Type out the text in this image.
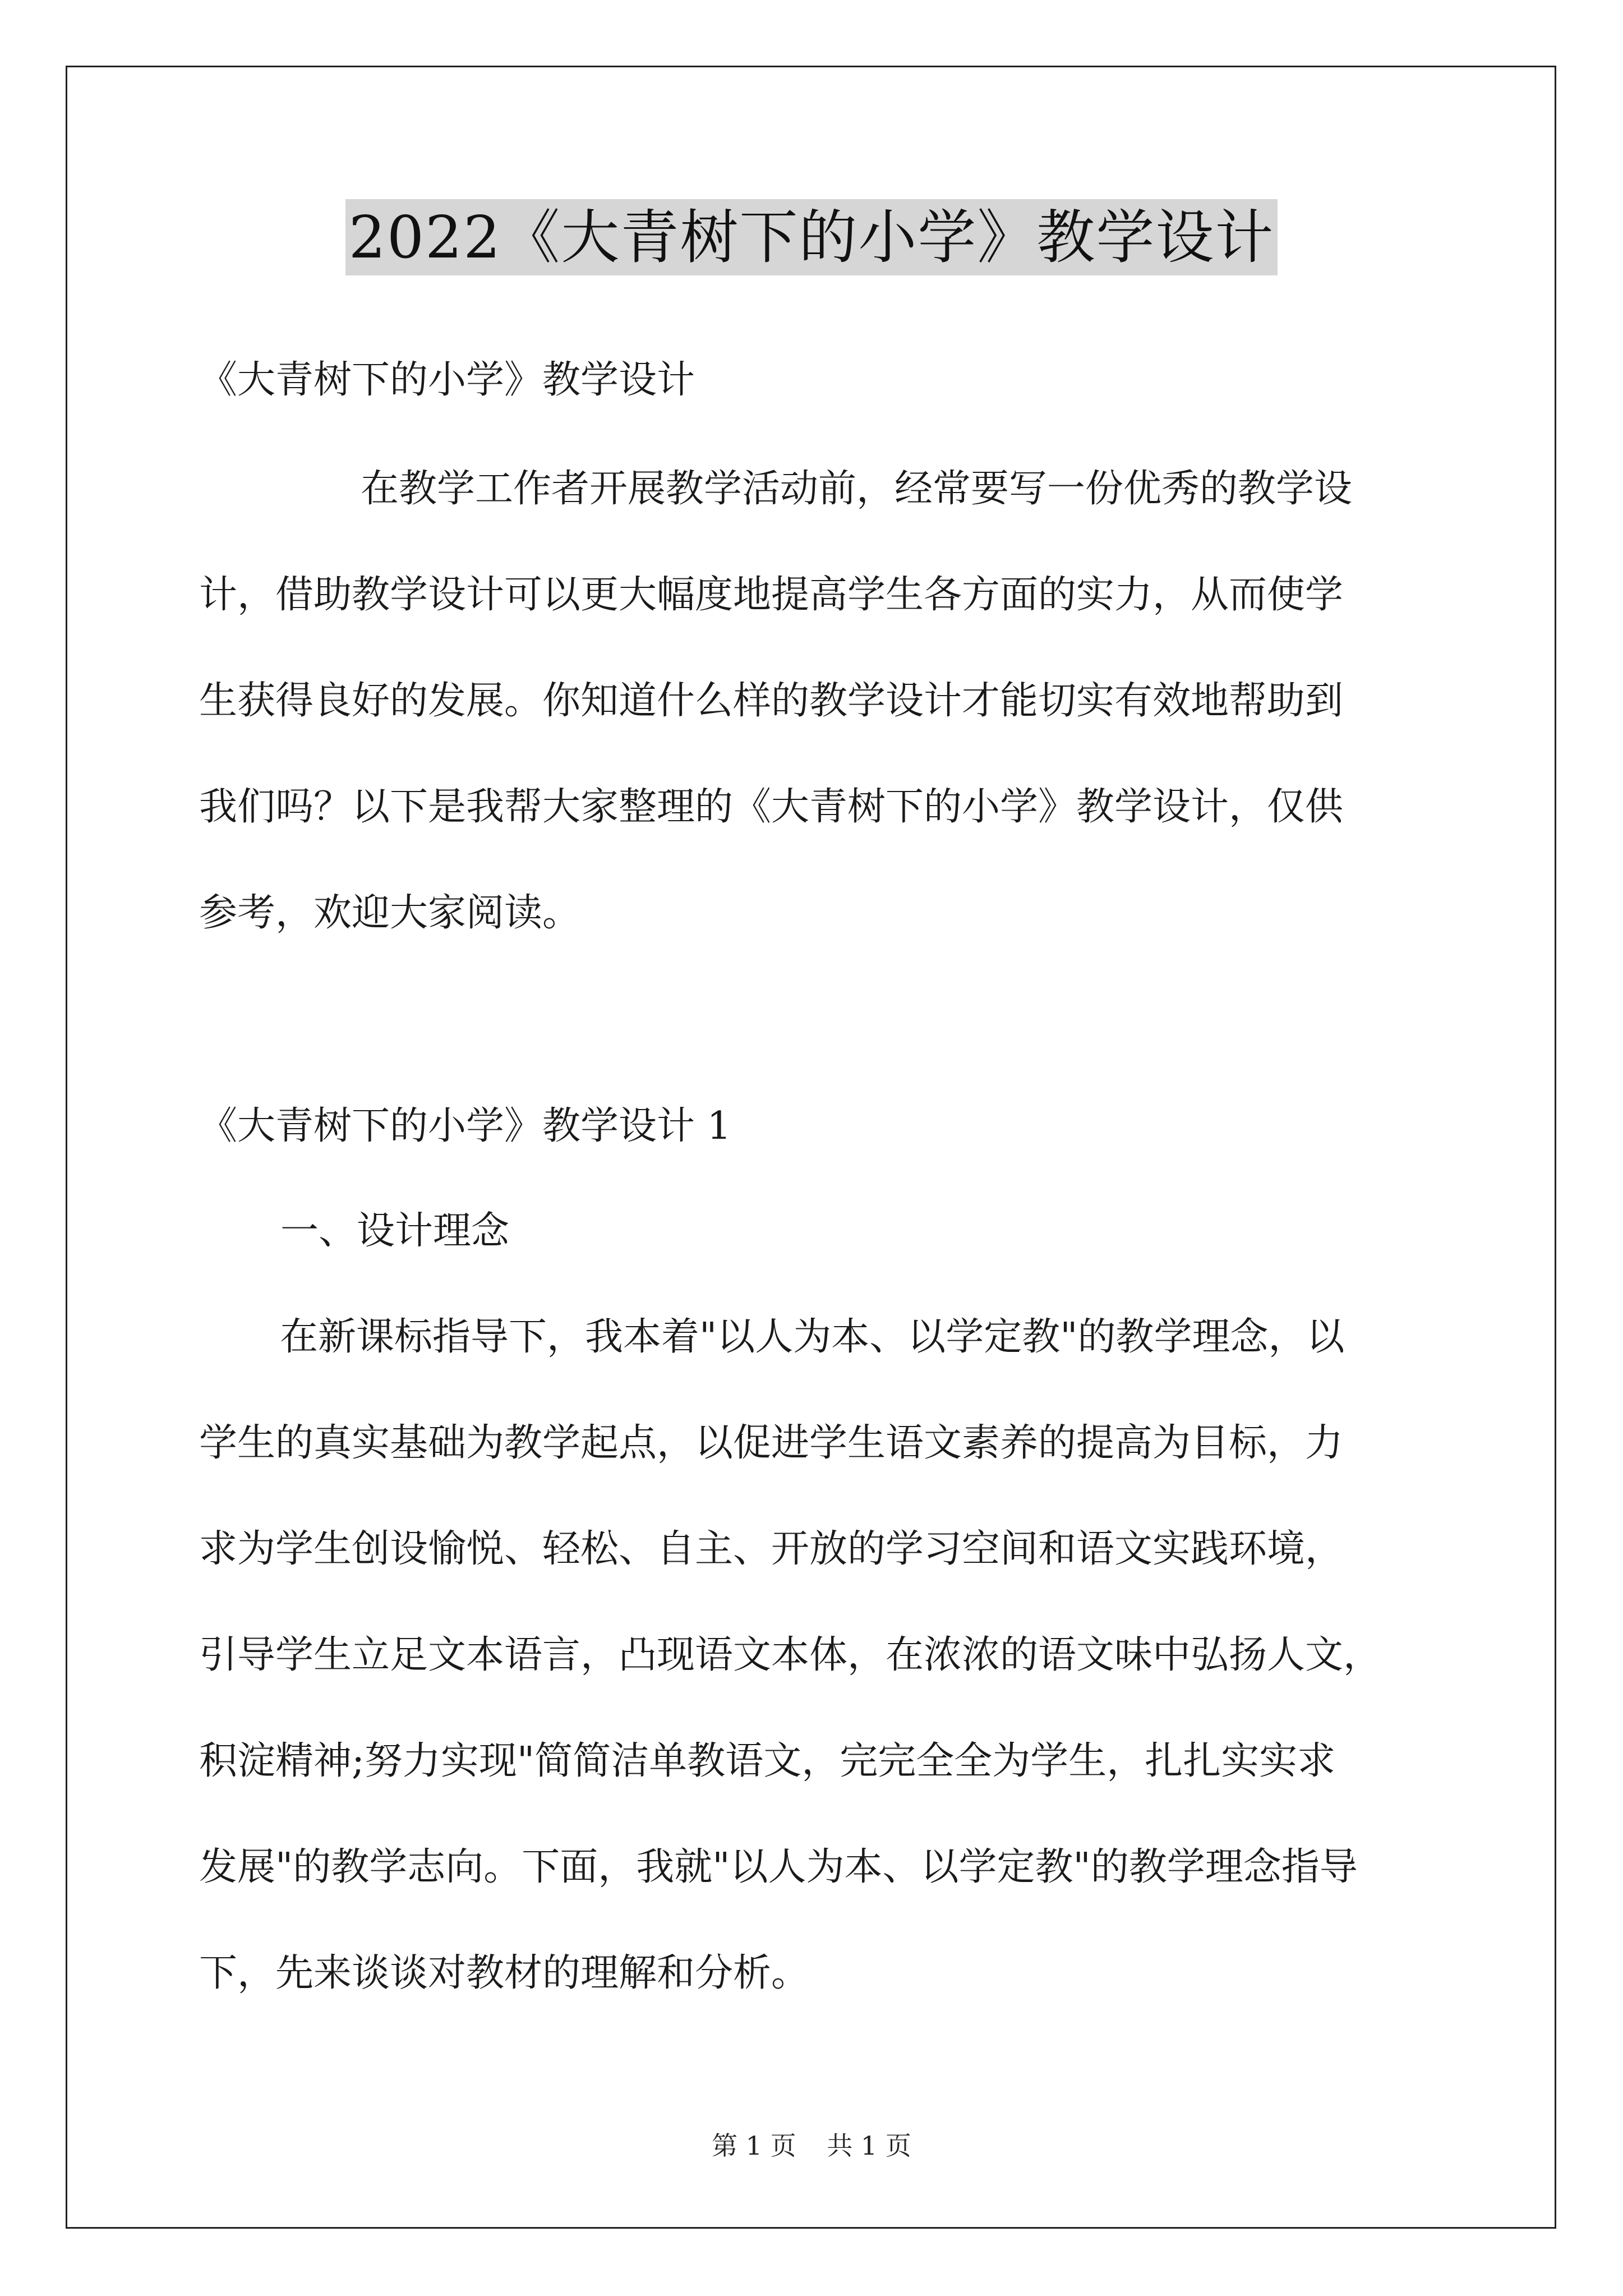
2022《大青树下的小学》教学设计
《大青树下的小学》教学设计
在教学工作者开展教学活动前，经常要写一份优秀的教学设
计，借助教学设计可以更大幅度地提高学生各方面的实力，从而使学
生获得良好的发展。你知道什么样的教学设计才能切实有效地帮助到
我们吗？以下是我帮大家整理的《大青树下的小学》教学设计，仅供
参考，欢迎大家阅读。
《大青树下的小学》教学设计 1
一、设计理念
在新课标指导下，我本着"以人为本、以学定教"的教学理念，以
学生的真实基础为教学起点，以促进学生语文素养的提高为目标，力
求为学生创设愉悦、轻松、自主、开放的学习空间和语文实践环境，
引导学生立足文本语言，凸现语文本体，在浓浓的语文味中弘扬人文，
积淀精神;努力实现"简简洁单教语文，完完全全为学生，扎扎实实求
发展"的教学志向。下面，我就"以人为本、以学定教"的教学理念指导
下，先来谈谈对教材的理解和分析。
第 1 页 共 1 页
